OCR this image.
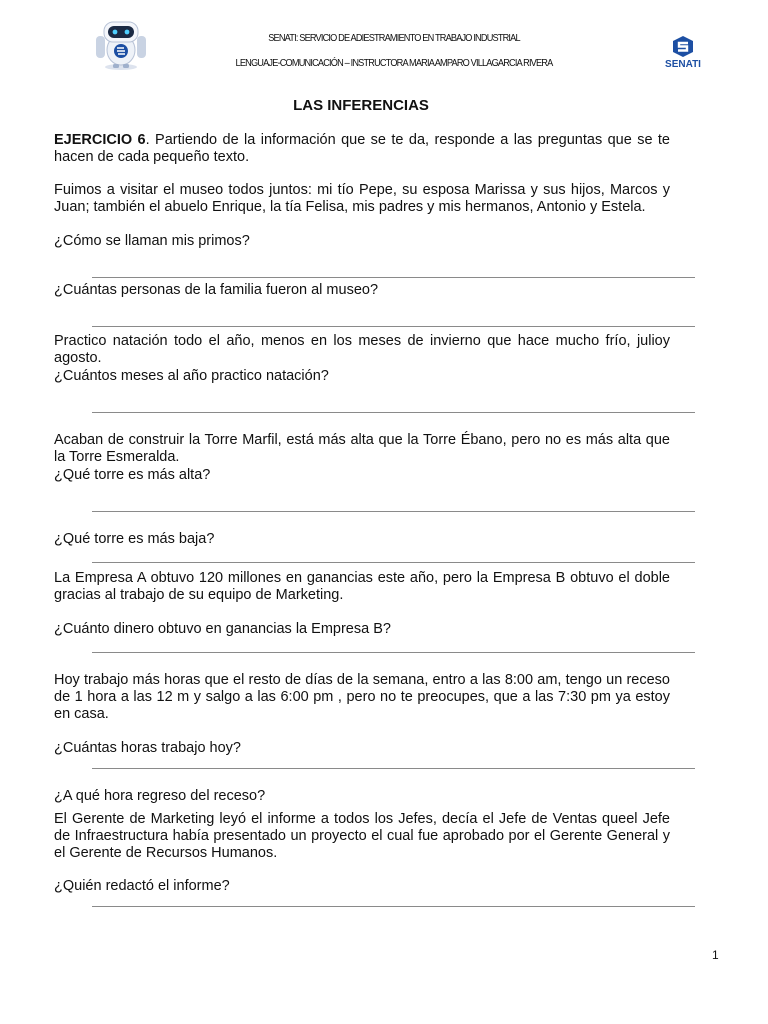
SENATI: SERVICIO DE ADIESTRAMIENTO EN TRABAJO INDUSTRIAL
LENGUAJE-COMUNICACIÓN – INSTRUCTORA MARIA AMPARO VILLAGARCIA RIVERA	SENATI
LAS INFERENCIAS
EJERCICIO 6. Partiendo de la información que se te da, responde a las preguntas que se te hacen de cada pequeño texto.
Fuimos a visitar el museo todos juntos: mi tío Pepe, su esposa Marissa y sus hijos, Marcos y Juan; también el abuelo Enrique, la tía Felisa, mis padres y mis hermanos, Antonio y Estela.
¿Cómo se llaman mis primos?
¿Cuántas personas de la familia fueron al museo?
Practico natación todo el año, menos en los meses de invierno que hace mucho frío, julioy agosto.
¿Cuántos meses al año practico natación?
Acaban de construir la Torre Marfil, está más alta que la Torre Ébano, pero no es más alta que la Torre Esmeralda.
¿Qué torre es más alta?
¿Qué torre es más baja?
La Empresa A obtuvo 120 millones en ganancias este año, pero la Empresa B obtuvo el doble gracias al trabajo de su equipo de Marketing.
¿Cuánto dinero obtuvo en ganancias la Empresa B?
Hoy trabajo más horas que el resto de días de la semana, entro a las 8:00 am, tengo un receso de 1 hora a las 12 m y salgo a las 6:00 pm , pero no te preocupes, que a las 7:30 pm ya estoy en casa.
¿Cuántas horas trabajo hoy?
¿A qué hora regreso del receso?
El Gerente de Marketing leyó el informe a todos los Jefes, decía el Jefe de Ventas queel Jefe de Infraestructura había presentado un proyecto el cual fue aprobado por el Gerente General y el Gerente de Recursos Humanos.
¿Quién redactó el informe?
1
